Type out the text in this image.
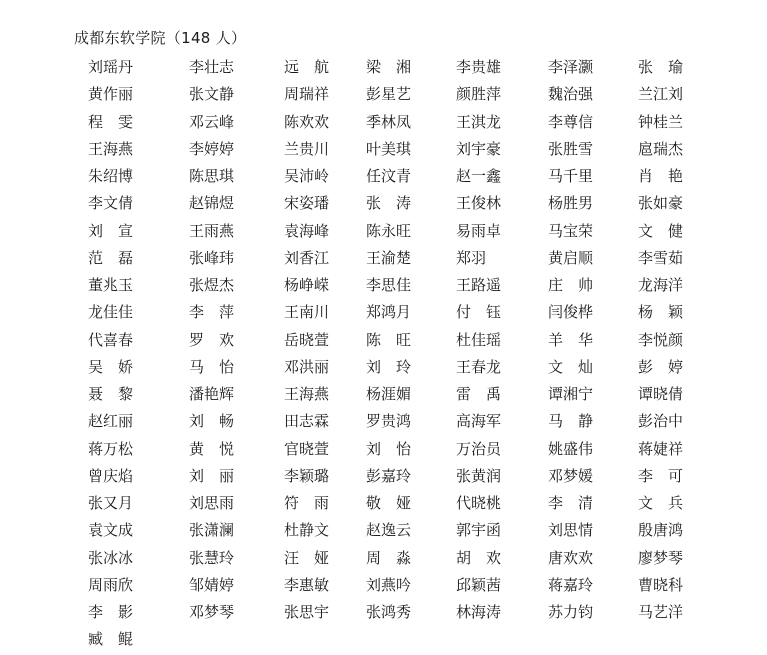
成都东软学院（148 人）
刘瑶丹	李壮志	远　航 梁　湘	李贵雄	李泽灏	张　瑜
黄作丽	张文静	周瑞祥 彭星艺	颜胜萍	魏治强	兰江刘
程　雯	邓云峰	陈欢欢 季林凤	王淇龙	李尊信	钟桂兰
王海燕	李婷婷	兰贵川 叶美琪	刘宇豪	张胜雪	扈瑞杰
朱绍博	陈思琪	吴沛岭 任汶青	赵一鑫	马千里	肖　艳
李文倩	赵锦煜	宋姿璠 张　涛	王俊林	杨胜男	张如豪
刘　宣	王雨燕	袁海峰 陈永旺	易雨卓	马宝荣	文　健
范　磊	张峰玮	刘香江 王渝楚	郑羽	黄启顺	李雪茹
董兆玉	张煜杰	杨峥嵘 李思佳	王路遥	庄　帅	龙海洋
龙佳佳	李　萍	王南川 郑鸿月	付　钰	闫俊桦	杨　颖
代喜春	罗　欢	岳晓萱 陈　旺	杜佳瑶	羊　华	李悦颜
吴　娇	马　怡	邓洪丽 刘　玲	王春龙	文　灿	彭　婷
聂　黎	潘艳辉	王海燕 杨涯媚	雷　禹	谭湘宁	谭晓倩
赵红丽	刘　畅	田志霖 罗贵鸿	高海军	马　静	彭治中
蒋万松	黄　悦	官晓萱 刘　怡	万治员	姚盛伟	蒋婕祥
曾庆焰	刘　丽	李颖璐 彭嘉玲	张黄润	邓梦媛	李　可
张又月	刘思雨	符　雨 敬　娅	代晓桃	李　清	文　兵
袁文成	张潇澜	杜静文 赵逸云	郭宇函	刘思情	殷唐鸿
张冰冰	张慧玲	汪　娅 周　淼	胡　欢	唐欢欢	廖梦琴
周雨欣	邹婧婷	李惠敏 刘燕吟	邱颖茜	蒋嘉玲	曹晓科
李　影	邓梦琴	张思宇 张鸿秀	林海涛	苏力钧	马艺洋
臧　鲲
